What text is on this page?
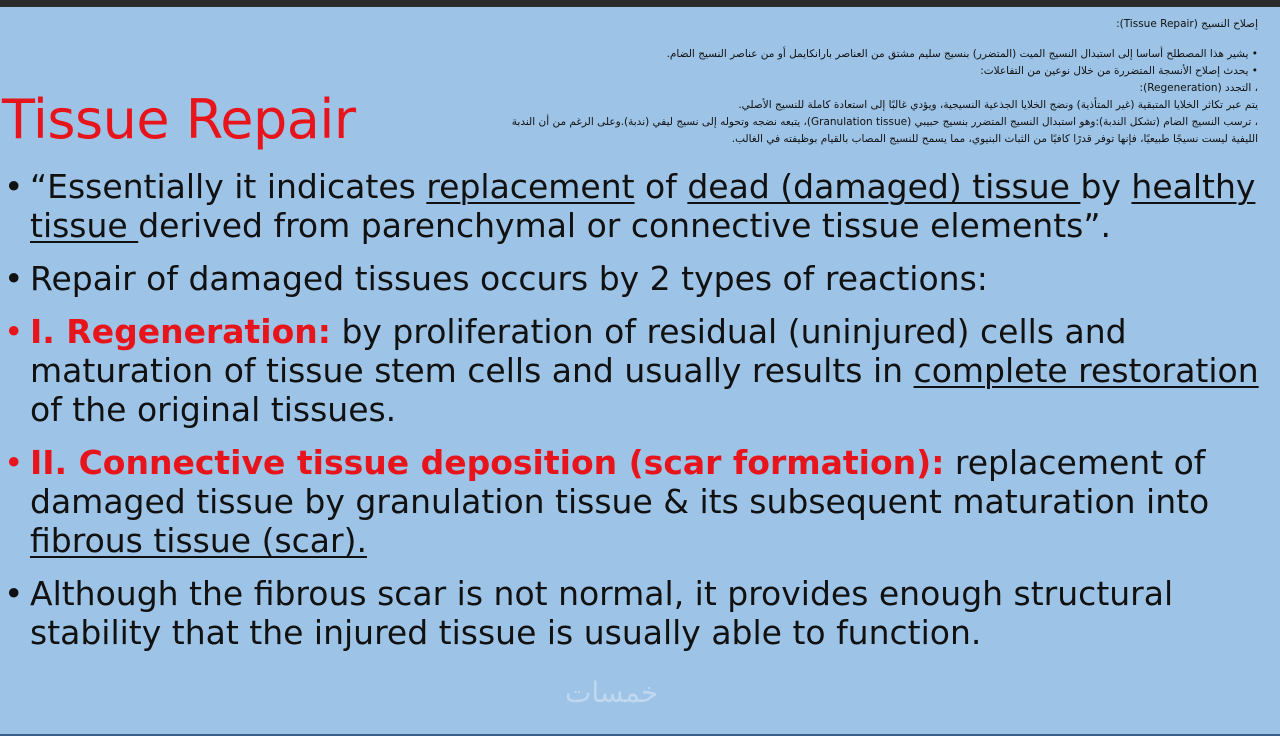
إصلاح النسيج (Tissue Repair):
• يشير هذا المصطلح أساسا إلى استبدال النسيج الميت (المتضرر) بنسيج سليم مشتق من العناصر بارانكايمل أو من عناصر النسيج الضام.
• يحدث إصلاح الأنسجة المتضررة من خلال نوعين من التفاعلات:
، التجدد (Regeneration):
يتم عبر تكاثر الخلايا المتبقية (غير المتأذية) ونضج الخلايا الجذعية النسيجية، ويؤدي غالبًا إلى استعادة كاملة للنسيج الأصلي.
، ترسب النسيج الضام (تشكل الندبة):وهو استبدال النسيج المتضرر بنسيج حبيبي (Granulation tissue)، يتبعه نضجه وتحوله إلى نسيج ليفي (ندبة).وعلى الرغم من أن الندبة الليفية ليست نسيجًا طبيعيًا، فإنها توفر قدرًا كافيًا من الثبات البنيوي، مما يسمح للنسيج المصاب بالقيام بوظيفته في الغالب.
Tissue Repair
• “Essentially it indicates replacement of dead (damaged) tissue by healthy tissue derived from parenchymal or connective tissue elements”.
• Repair of damaged tissues occurs by 2 types of reactions:
• I. Regeneration: by proliferation of residual (uninjured) cells and maturation of tissue stem cells and usually results in complete restoration of the original tissues.
• II. Connective tissue deposition (scar formation): replacement of damaged tissue by granulation tissue & its subsequent maturation into fibrous tissue (scar).
• Although the fibrous scar is not normal, it provides enough structural stability that the injured tissue is usually able to function.
خمسات
